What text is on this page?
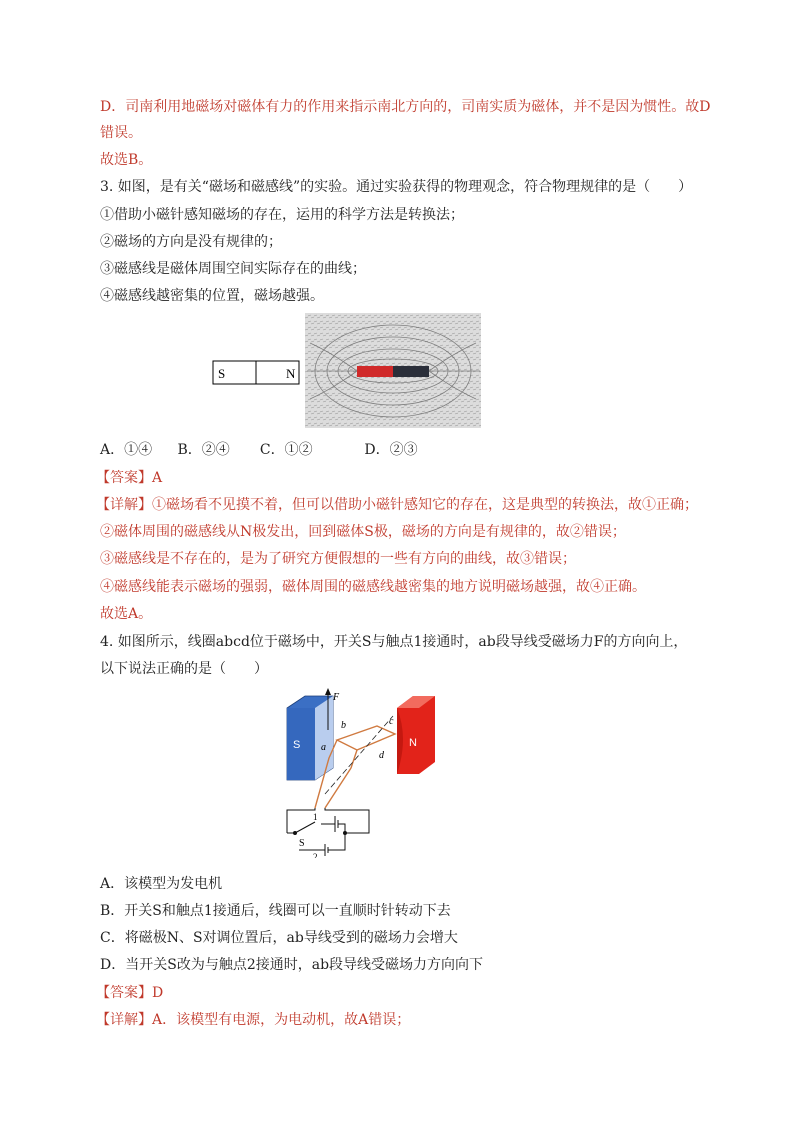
D．司南利用地磁场对磁体有力的作用来指示南北方向的，司南实质为磁体，并不是因为惯性。故D
错误。
故选B。
3. 如图，是有关“磁场和磁感线”的实验。通过实验获得的物理观念，符合物理规律的是（　　）
①借助小磁针感知磁场的存在，运用的科学方法是转换法；
②磁场的方向是没有规律的；
③磁感线是磁体周围空间实际存在的曲线；
④磁感线越密集的位置，磁场越强。
S	N
A．①④ B．②④ C．①②	D．②③
【答案】A
【详解】①磁场看不见摸不着，但可以借助小磁针感知它的存在，这是典型的转换法，故①正确；
②磁体周围的磁感线从N极发出，回到磁体S极，磁场的方向是有规律的，故②错误；
③磁感线是不存在的，是为了研究方便假想的一些有方向的曲线，故③错误；
④磁感线能表示磁场的强弱，磁体周围的磁感线越密集的地方说明磁场越强，故④正确。
故选A。
4. 如图所示，线圈abcd位于磁场中，开关S与触点1接通时，ab段导线受磁场力F的方向向上，
以下说法正确的是（　　）
S	N
F
b
a
c
d
S
1
2
A．该模型为发电机
B．开关S和触点1接通后，线圈可以一直顺时针转动下去
C．将磁极N、S对调位置后，ab导线受到的磁场力会增大
D．当开关S改为与触点2接通时，ab段导线受磁场力方向向下
【答案】D
【详解】A．该模型有电源，为电动机，故A错误；
